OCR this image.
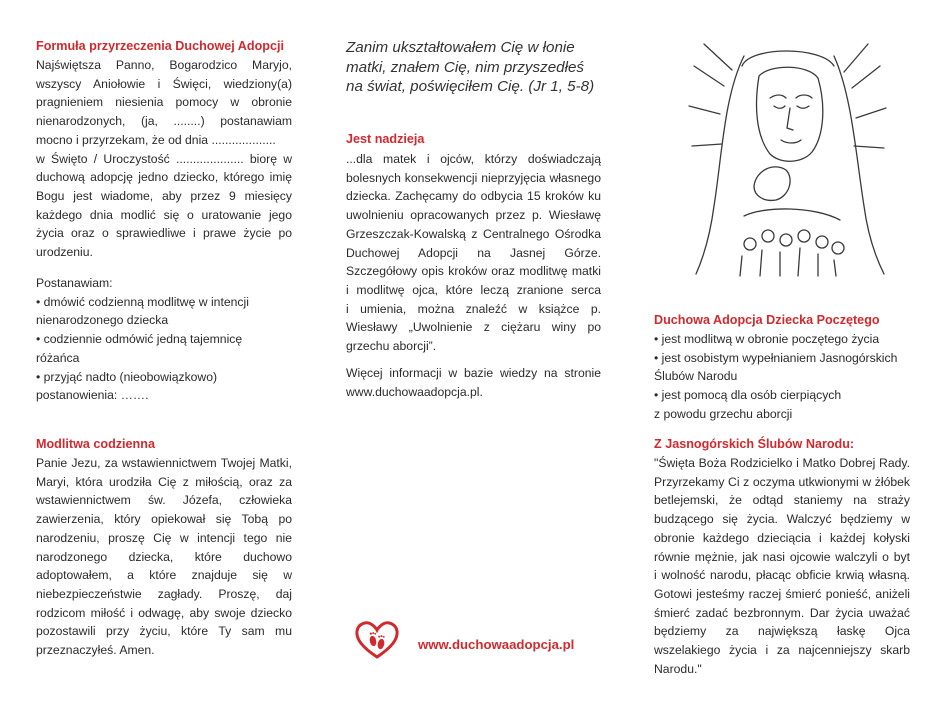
Formuła przyrzeczenia Duchowej Adopcji
Najświętsza Panno, Bogarodzico Maryjo,
wszyscy Aniołowie i Święci, wiedziony(a)
pragnieniem niesienia pomocy w obronie
nienarodzonych, (ja, ........) postanawiam
mocno i przyrzekam, że od dnia ...................
w Święto / Uroczystość .................... biorę w
duchową adopcję jedno dziecko, którego imię
Bogu jest wiadome, aby przez 9 miesięcy
każdego dnia modlić się o uratowanie jego
życia oraz o sprawiedliwe i prawe życie po
urodzeniu.
Postanawiam:
• dmówić codzienną modlitwę w intencji
nienarodzonego dziecka
• codziennie odmówić jedną tajemnicę
różańca
• przyjąć nadto (nieobowiązkowo)
postanowienia: …….
Modlitwa codzienna
Panie Jezu, za wstawiennictwem Twojej Matki,
Maryi, która urodziła Cię z miłością, oraz za
wstawiennictwem św. Józefa, człowieka
zawierzenia, który opiekował się Tobą po
narodzeniu, proszę Cię w intencji tego nie
narodzonego dziecka, które duchowo
adoptowałem, a które znajduje się w
niebezpieczeństwie zagłady. Proszę, daj
rodzicom miłość i odwagę, aby swoje dziecko
pozostawili przy życiu, które Ty sam mu
przeznaczyłeś. Amen.
Zanim ukształtowałem Cię w łonie
matki, znałem Cię, nim przyszedłeś
na świat, poświęciłem Cię. (Jr 1, 5-8)
Jest nadzieja
...dla matek i ojców, którzy doświadczają
bolesnych konsekwencji nieprzyjęcia własnego
dziecka. Zachęcamy do odbycia 15 kroków ku
uwolnieniu opracowanych przez p. Wiesławę
Grzeszczak-Kowalską z Centralnego Ośrodka
Duchowej Adopcji na Jasnej Górze.
Szczegółowy opis kroków oraz modlitwę matki
i modlitwę ojca, które leczą zranione serca
i umienia, można znaleźć w książce p.
Wiesławy „Uwolnienie z ciężaru winy po
grzechu aborcji”.
Więcej informacji w bazie wiedzy na stronie
www.duchowaadopcja.pl.
www.duchowaadopcja.pl
Duchowa Adopcja Dziecka Poczętego
• jest modlitwą w obronie poczętego życia
• jest osobistym wypełnianiem Jasnogórskich
Ślubów Narodu
• jest pomocą dla osób cierpiących
z powodu grzechu aborcji
Z Jasnogórskich Ślubów Narodu:
"Święta Boża Rodzicielko i Matko Dobrej Rady.
Przyrzekamy Ci z oczyma utkwionymi w żłóbek
betlejemski, że odtąd staniemy na straży
budzącego się życia. Walczyć będziemy w
obronie każdego dzieciącia i każdej kołyski
równie mężnie, jak nasi ojcowie walczyli o byt
i wolność narodu, płacąc obficie krwią własną.
Gotowi jesteśmy raczej śmierć ponieść, aniżeli
śmierć zadać bezbronnym. Dar życia uważać
będziemy za największą łaskę Ojca
wszelakiego życia i za najcenniejszy skarb
Narodu."
